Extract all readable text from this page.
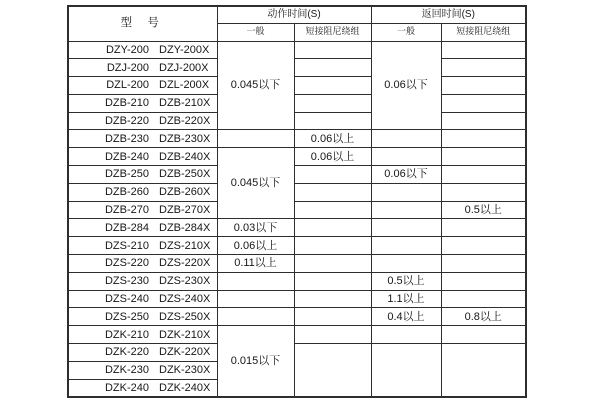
型 号	动作时间(S)		返回时间(S)	
	一般	短接阻尼绕组	一般	短接阻尼绕组
DZY-200 DZY-200X	0.045以下		0.06以下	
DZJ-200 DZJ-200X				
DZL-200 DZL-200X				
DZB-210 DZB-210X				
DZB-220 DZB-220X				
DZB-230 DZB-230X		0.06以上		
DZB-240 DZB-240X	0.045以下	0.06以上		
DZB-250 DZB-250X			0.06以下	
DZB-260 DZB-260X				
DZB-270 DZB-270X				0.5以上
DZB-284 DZB-284X	0.03以下			
DZS-210 DZS-210X	0.06以上			
DZS-220 DZS-220X	0.11以上			
DZS-230 DZS-230X			0.5以上	
DZS-240 DZS-240X			1.1以上	
DZS-250 DZS-250X			0.4以上	0.8以上
DZK-210 DZK-210X	0.015以下			
DZK-220 DZK-220X				
DZK-230 DZK-230X				
DZK-240 DZK-240X				
